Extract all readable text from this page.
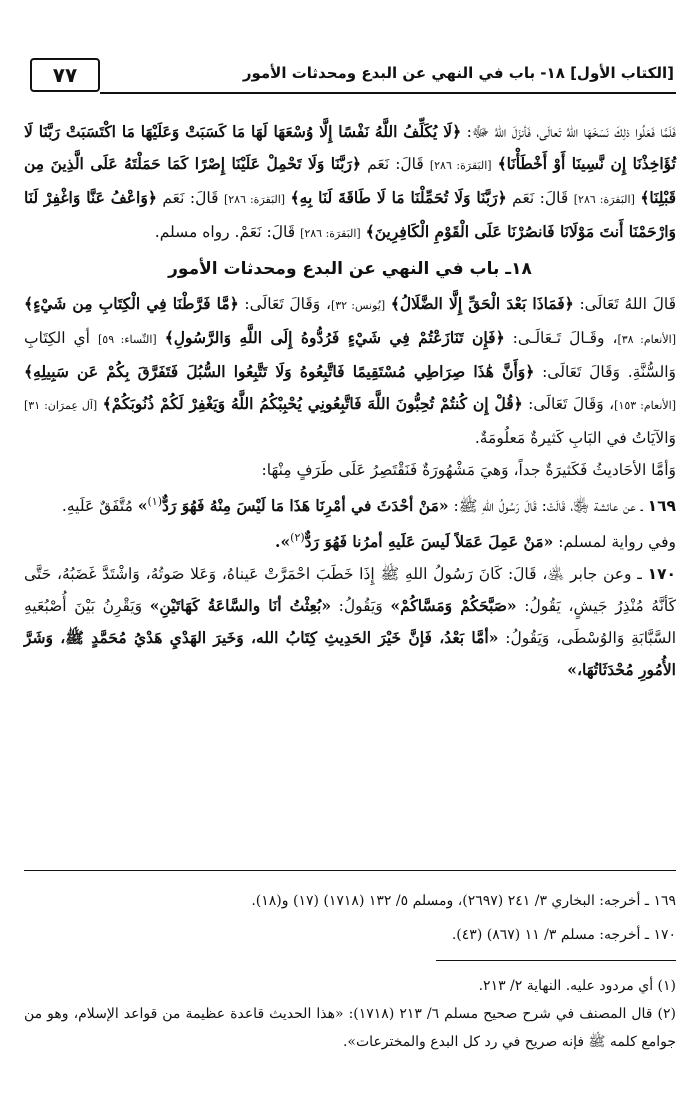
٧٧	[الكتاب الأول] ١٨- باب في النهي عن البدع ومحدثات الأمور

فَلَمَّا فَعَلُوا ذلِكَ نَسَخَهَا اللهُ تَعالَى، فَأنزَلَ اللهُ ﷻ: ﴿لَا يُكَلِّفُ اللَّهُ نَفْسًا إِلَّا وُسْعَهَا لَهَا مَا كَسَبَتْ وَعَلَيْهَا مَا اكْتَسَبَتْ رَبَّنَا لَا تُؤَاخِذْنَا إِن نَّسِينَا أَوْ أَخْطَأْنَا﴾ [البَقرَة: ٢٨٦] قَالَ: نَعَم ﴿رَبَّنَا وَلَا تَحْمِلْ عَلَيْنَا إِصْرًا كَمَا حَمَلْتَهُ عَلَى الَّذِينَ مِن قَبْلِنَا﴾ [البَقرَة: ٢٨٦] قَالَ: نَعَم ﴿رَبَّنَا وَلَا تُحَمِّلْنَا مَا لَا طَاقَةَ لَنَا بِهِ﴾ [البَقرَة: ٢٨٦] قَالَ: نَعَم ﴿وَاعْفُ عَنَّا وَاغْفِرْ لَنَا وَارْحَمْنَا أَنتَ مَوْلَانَا فَانصُرْنَا عَلَى الْقَوْمِ الْكَافِرِينَ﴾ [البَقرَة: ٢٨٦] قَالَ: نَعَمْ. رواه مسلم.

١٨ـ باب في النهي عن البدع ومحدثات الأمور

قَالَ اللهُ تَعَالَى: ﴿فَمَاذَا بَعْدَ الْحَقِّ إِلَّا الضَّلَالُ﴾ [يُونس: ٣٢]، وَقَالَ تَعَالَى: ﴿مَّا فَرَّطْنَا فِي الْكِتَابِ مِن شَيْءٍ﴾ [الأنعام: ٣٨]، وقَـالَ تَـعَالَـى: ﴿فَإِن تَنَازَعْتُمْ فِي شَيْءٍ فَرُدُّوهُ إِلَى اللَّهِ وَالرَّسُولِ﴾ [النِّساء: ٥٩] أي الكِتَابِ وَالسُّنَّةِ. وَقَالَ تَعَالَى: ﴿وَأَنَّ هَٰذَا صِرَاطِي مُسْتَقِيمًا فَاتَّبِعُوهُ وَلَا تَتَّبِعُوا السُّبُلَ فَتَفَرَّقَ بِكُمْ عَن سَبِيلِهِ﴾ [الأنعام: ١٥٣]، وَقَالَ تَعَالَى: ﴿قُلْ إِن كُنتُمْ تُحِبُّونَ اللَّهَ فَاتَّبِعُونِي يُحْبِبْكُمُ اللَّهُ وَيَغْفِرْ لَكُمْ ذُنُوبَكُمْ﴾ [آل عِمرَان: ٣١] وَالآيَاتُ في البَابِ كَثيرةٌ مَعلُومَةٌ.

وَأمَّا الأحَاديثُ فَكَثيرَةٌ جداً، وَهيَ مَشْهُورَةٌ فَنَقْتَصِرُ عَلَى طَرَفٍ مِنْهَا:

١٦٩ ـ عن عائشة ﵂، قَالَتْ: قَالَ رَسُولُ اللهِ ﷺ: «مَنْ أحْدَثَ في أمْرِنَا هَذَا مَا لَيْسَ مِنْهُ فَهُوَ رَدٌّ$^{(١)}$» مُتَّفَقٌ عَلَيهِ.

وفي رواية لمسلم: «مَنْ عَمِلَ عَمَلاً لَيسَ عَلَيهِ أمرُنا فَهُوَ رَدٌّ$^{(٢)}$».

١٧٠ ـ وعن جابر ﵁، قَالَ: كَانَ رَسُولُ اللهِ ﷺ إِذَا خَطَبَ احْمَرَّتْ عَيناهُ، وَعَلا صَوتُهُ، وَاشْتَدَّ غَضَبُهُ، حَتَّى كَأنَّهُ مُنْذِرُ جَيشٍ، يَقُولُ: «صَبَّحَكُمْ وَمَسَّاكُمْ» وَيَقُولُ: «بُعِثْتُ أنَا والسَّاعَةُ كَهَاتَيْنِ» وَيَقْرِنُ بَيْنَ أُصْبُعَيهِ السَّبَّابَةِ وَالوُسْطَى، وَيَقُولُ: «أمَّا بَعْدُ، فَإنَّ خَيْرَ الحَدِيثِ كِتَابُ الله، وَخَيرَ الهَدْيِ هَدْيُ مُحَمَّدٍ ﷺ، وَشَرَّ الأُمُورِ مُحْدَثَاتُهَا،»

١٦٩ ـ أخرجه: البخاري ٣/ ٢٤١ (٢٦٩٧)، ومسلم ٥/ ١٣٢ (١٧١٨) (١٧) و(١٨).

١٧٠ ـ أخرجه: مسلم ٣/ ١١ (٨٦٧) (٤٣).

(١) أي مردود عليه. النهاية ٢/ ٢١٣.

(٢) قال المصنف في شرح صحيح مسلم ٦/ ٢١٣ (١٧١٨): «هذا الحديث قاعدة عظيمة من قواعد الإسلام، وهو من جوامع كلمه ﷺ فإنه صريح في رد كل البدع والمخترعات».
